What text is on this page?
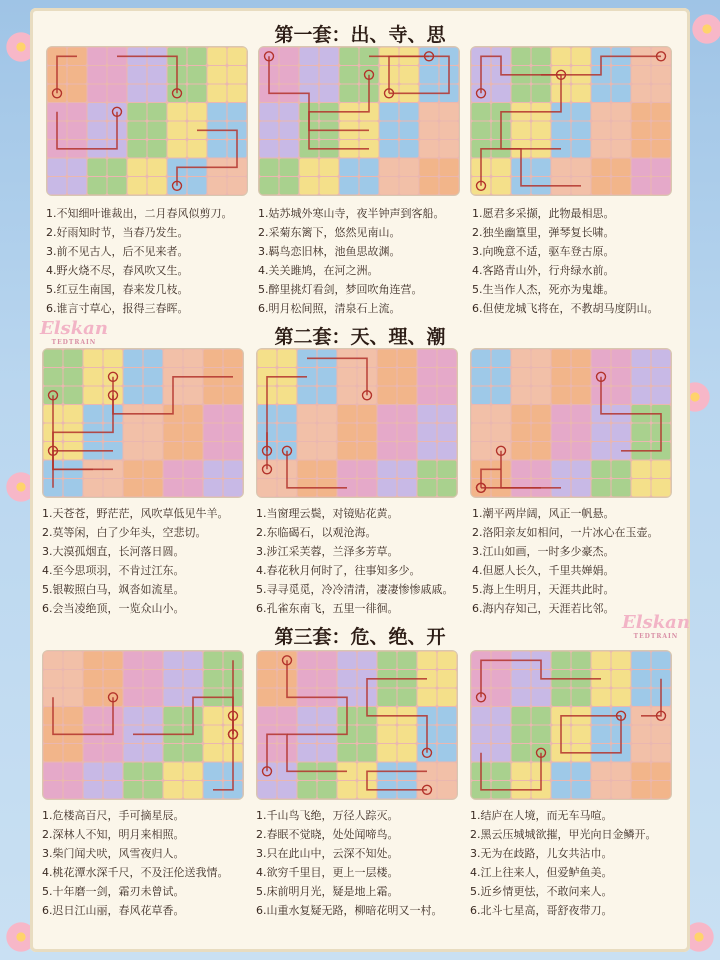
Elskan
TEDTRAIN
Elskan
TEDTRAIN
第一套：出、寺、思
1.不知细叶谁裁出，二月春风似剪刀。
2.好雨知时节，当春乃发生。
3.前不见古人，后不见来者。
4.野火烧不尽，春风吹又生。
5.红豆生南国，春来发几枝。
6.谁言寸草心，报得三春晖。
1.姑苏城外寒山寺，夜半钟声到客船。
2.采菊东篱下，悠然见南山。
3.羁鸟恋旧林，池鱼思故渊。
4.关关雎鸠，在河之洲。
5.醉里挑灯看剑，梦回吹角连营。
6.明月松间照，清泉石上流。
1.愿君多采撷，此物最相思。
2.独坐幽篁里，弹琴复长啸。
3.向晚意不适，驱车登古原。
4.客路青山外，行舟绿水前。
5.生当作人杰，死亦为鬼雄。
6.但使龙城飞将在，不教胡马度阴山。
第二套：天、理、潮
1.天苍苍，野茫茫，风吹草低见牛羊。
2.莫等闲，白了少年头，空悲切。
3.大漠孤烟直，长河落日圆。
4.至今思项羽，不肯过江东。
5.银鞍照白马，飒沓如流星。
6.会当凌绝顶，一览众山小。
1.当窗理云鬓，对镜贴花黄。
2.东临碣石，以观沧海。
3.涉江采芙蓉，兰泽多芳草。
4.春花秋月何时了，往事知多少。
5.寻寻觅觅，冷冷清清，凄凄惨惨戚戚。
6.孔雀东南飞，五里一徘徊。
1.潮平两岸阔，风正一帆悬。
2.洛阳亲友如相问，一片冰心在玉壶。
3.江山如画，一时多少豪杰。
4.但愿人长久，千里共婵娟。
5.海上生明月，天涯共此时。
6.海内存知己，天涯若比邻。
第三套：危、绝、开
1.危楼高百尺，手可摘星辰。
2.深林人不知，明月来相照。
3.柴门闻犬吠，风雪夜归人。
4.桃花潭水深千尺，不及汪伦送我情。
5.十年磨一剑，霜刃未曾试。
6.迟日江山丽，春风花草香。
1.千山鸟飞绝，万径人踪灭。
2.春眠不觉晓，处处闻啼鸟。
3.只在此山中，云深不知处。
4.欲穷千里目，更上一层楼。
5.床前明月光，疑是地上霜。
6.山重水复疑无路，柳暗花明又一村。
1.结庐在人境，而无车马喧。
2.黑云压城城欲摧，甲光向日金鳞开。
3.无为在歧路，儿女共沾巾。
4.江上往来人，但爱鲈鱼美。
5.近乡情更怯，不敢问来人。
6.北斗七星高，哥舒夜带刀。
